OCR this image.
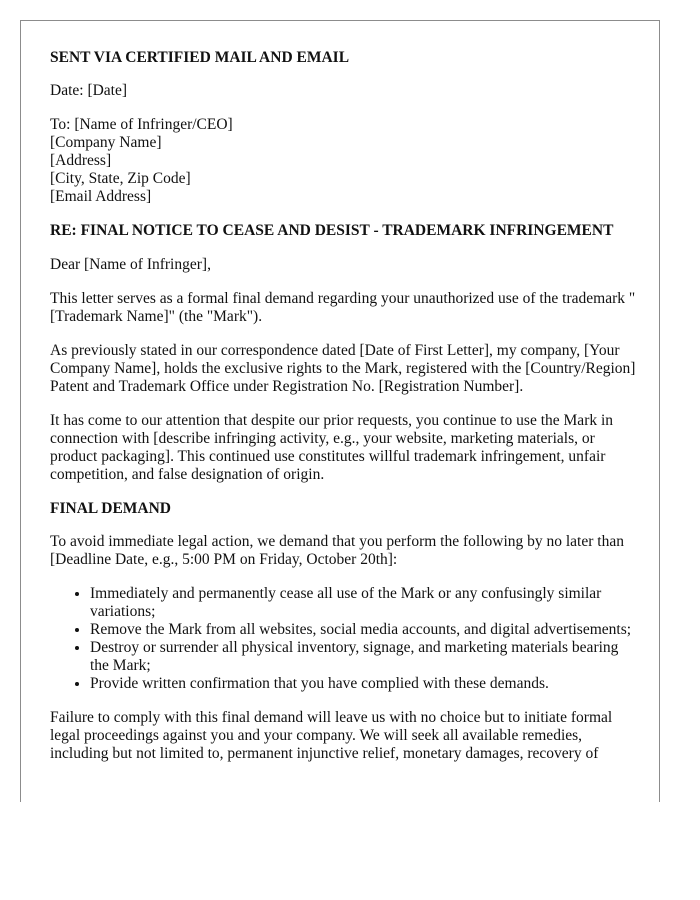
SENT VIA CERTIFIED MAIL AND EMAIL

Date: [Date]

To: [Name of Infringer/CEO]
[Company Name]
[Address]
[City, State, Zip Code]
[Email Address]

RE: FINAL NOTICE TO CEASE AND DESIST - TRADEMARK INFRINGEMENT

Dear [Name of Infringer],

This letter serves as a formal final demand regarding your unauthorized use of the trademark "[Trademark Name]" (the "Mark").

As previously stated in our correspondence dated [Date of First Letter], my company, [Your Company Name], holds the exclusive rights to the Mark, registered with the [Country/Region] Patent and Trademark Office under Registration No. [Registration Number].

It has come to our attention that despite our prior requests, you continue to use the Mark in connection with [describe infringing activity, e.g., your website, marketing materials, or product packaging]. This continued use constitutes willful trademark infringement, unfair competition, and false designation of origin.

FINAL DEMAND

To avoid immediate legal action, we demand that you perform the following by no later than [Deadline Date, e.g., 5:00 PM on Friday, October 20th]:

• Immediately and permanently cease all use of the Mark or any confusingly similar variations;
• Remove the Mark from all websites, social media accounts, and digital advertisements;
• Destroy or surrender all physical inventory, signage, and marketing materials bearing the Mark;
• Provide written confirmation that you have complied with these demands.

Failure to comply with this final demand will leave us with no choice but to initiate formal legal proceedings against you and your company. We will seek all available remedies, including but not limited to, permanent injunctive relief, monetary damages, recovery of
